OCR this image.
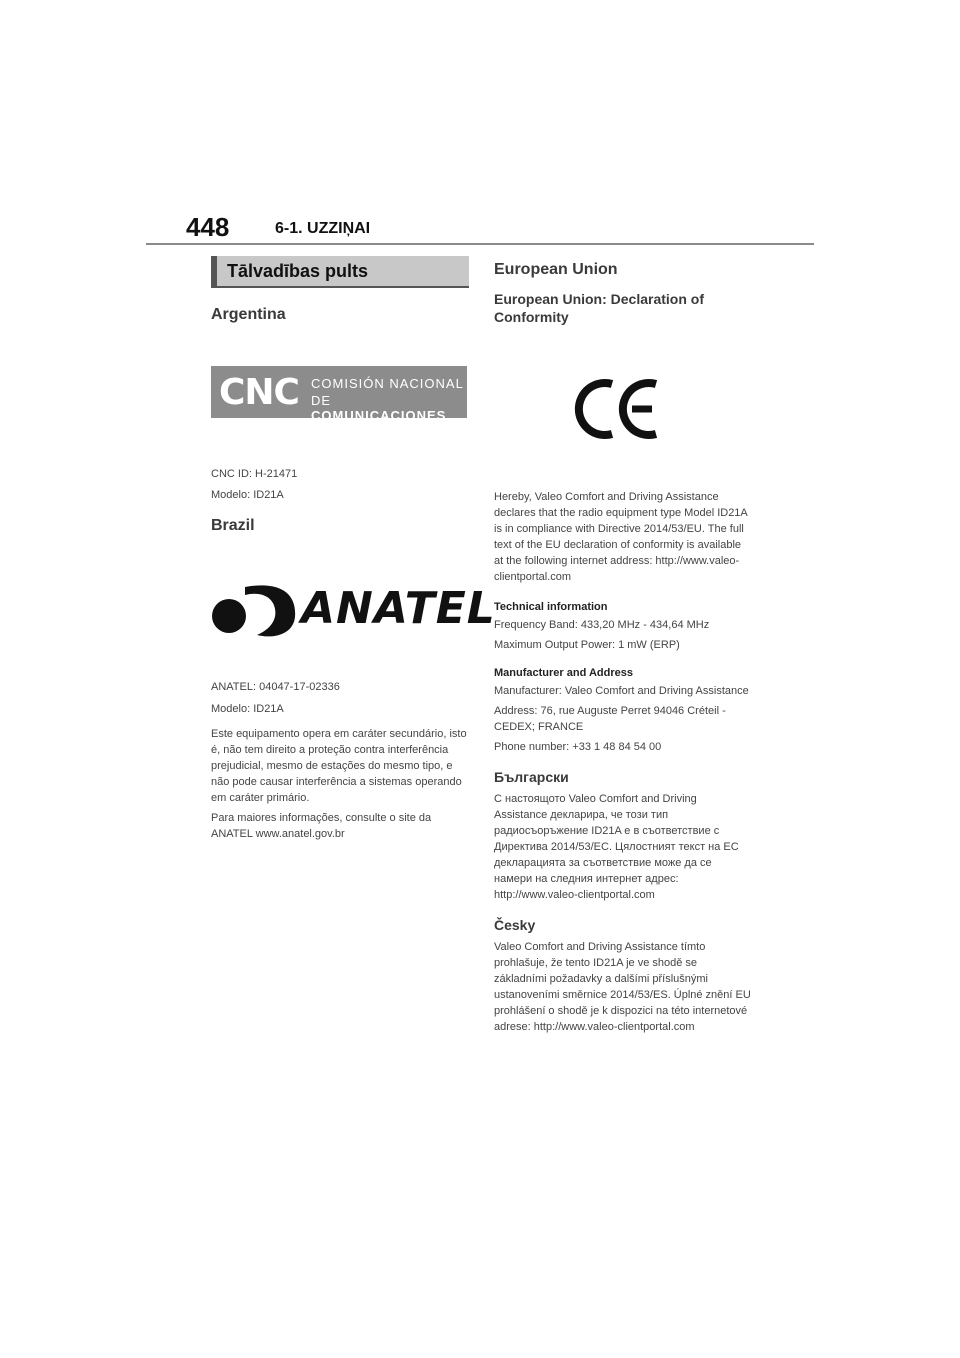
448	6-1. UZZIŅAI
Tālvadības pults

Argentina

CNC COMISIÓN NACIONAL
DE COMUNICACIONES

CNC ID: H-21471

Modelo: ID21A

Brazil

ANATEL

ANATEL: 04047-17-02336

Modelo: ID21A

Este equipamento opera em caráter secundário, isto é, não tem direito a proteção contra interferência prejudicial, mesmo de estações do mesmo tipo, e não pode causar interferência a sistemas operando em caráter primário.

Para maiores informações, consulte o site da ANATEL www.anatel.gov.br

European Union

European Union: Declaration of Conformity

Hereby, Valeo Comfort and Driving Assistance declares that the radio equipment type Model ID21A is in compliance with Directive 2014/53/EU. The full text of the EU declaration of conformity is available at the following internet address: http://www.valeo-clientportal.com

Technical information

Frequency Band: 433,20 MHz - 434,64 MHz

Maximum Output Power: 1 mW (ERP)

Manufacturer and Address

Manufacturer: Valeo Comfort and Driving Assistance

Address: 76, rue Auguste Perret 94046 Créteil - CEDEX; FRANCE

Phone number: +33 1 48 84 54 00

Български

С настоящото Valeo Comfort and Driving Assistance декларира, че този тип радиосъоръжение ID21A е в съответствие с Директива 2014/53/ЕС. Цялостният текст на ЕС декларацията за съответствие може да се намери на следния интернет адрес: http://www.valeo-clientportal.com

Česky

Valeo Comfort and Driving Assistance tímto prohlašuje, že tento ID21A je ve shodě se základními požadavky a dalšími příslušnými ustanoveními směrnice 2014/53/ES. Úplné znění EU prohlášení o shodě je k dispozici na této internetové adrese: http://www.valeo-clientportal.com
